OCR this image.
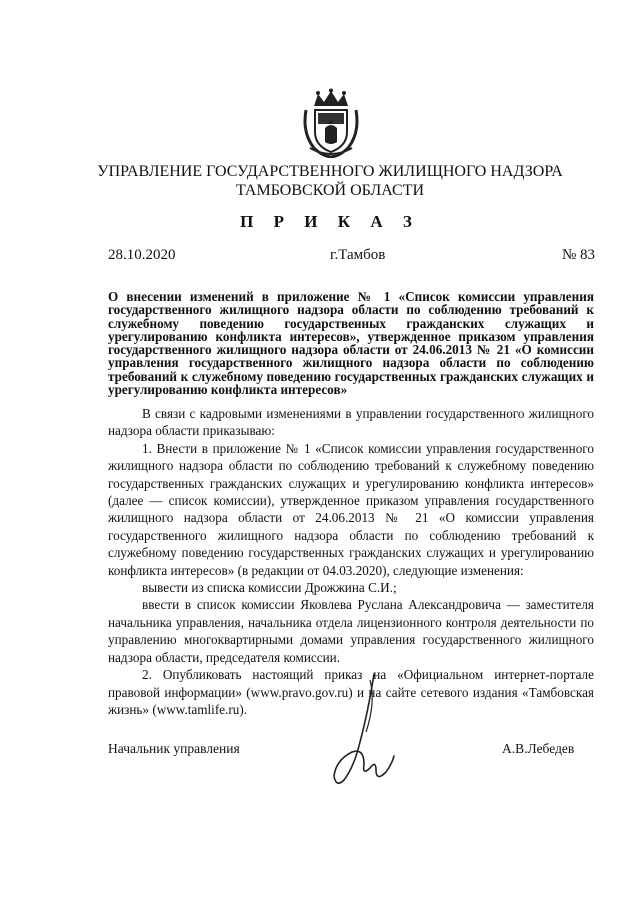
УПРАВЛЕНИЕ ГОСУДАРСТВЕННОГО ЖИЛИЩНОГО НАДЗОРА
ТАМБОВСКОЙ ОБЛАСТИ
П Р И К А З
28.10.2020	г.Тамбов	№ 83
О внесении изменений в приложение № 1 «Список комиссии управления государственного жилищного надзора области по соблюдению требований к служебному поведению государственных гражданских служащих и урегулированию конфликта интересов», утвержденное приказом управления государственного жилищного надзора области от 24.06.2013 № 21 «О комиссии управления государственного жилищного надзора области по соблюдению требований к служебному поведению государственных гражданских служащих и урегулированию конфликта интересов»

В связи с кадровыми изменениями в управлении государственного жилищного надзора области приказываю:

1. Внести в приложение № 1 «Список комиссии управления государственного жилищного надзора области по соблюдению требований к служебному поведению государственных гражданских служащих и урегулированию конфликта интересов» (далее — список комиссии), утвержденное приказом управления государственного жилищного надзора области от 24.06.2013 № 21 «О комиссии управления государственного жилищного надзора области по соблюдению требований к служебному поведению государственных гражданских служащих и урегулированию конфликта интересов» (в редакции от 04.03.2020), следующие изменения:

вывести из списка комиссии Дрожжина С.И.;

ввести в список комиссии Яковлева Руслана Александровича — заместителя начальника управления, начальника отдела лицензионного контроля деятельности по управлению многоквартирными домами управления государственного жилищного надзора области, председателя комиссии.

2. Опубликовать настоящий приказ на «Официальном интернет-портале правовой информации» (www.pravo.gov.ru) и на сайте сетевого издания «Тамбовская жизнь» (www.tamlife.ru).

Начальник управления	А.В.Лебедев
